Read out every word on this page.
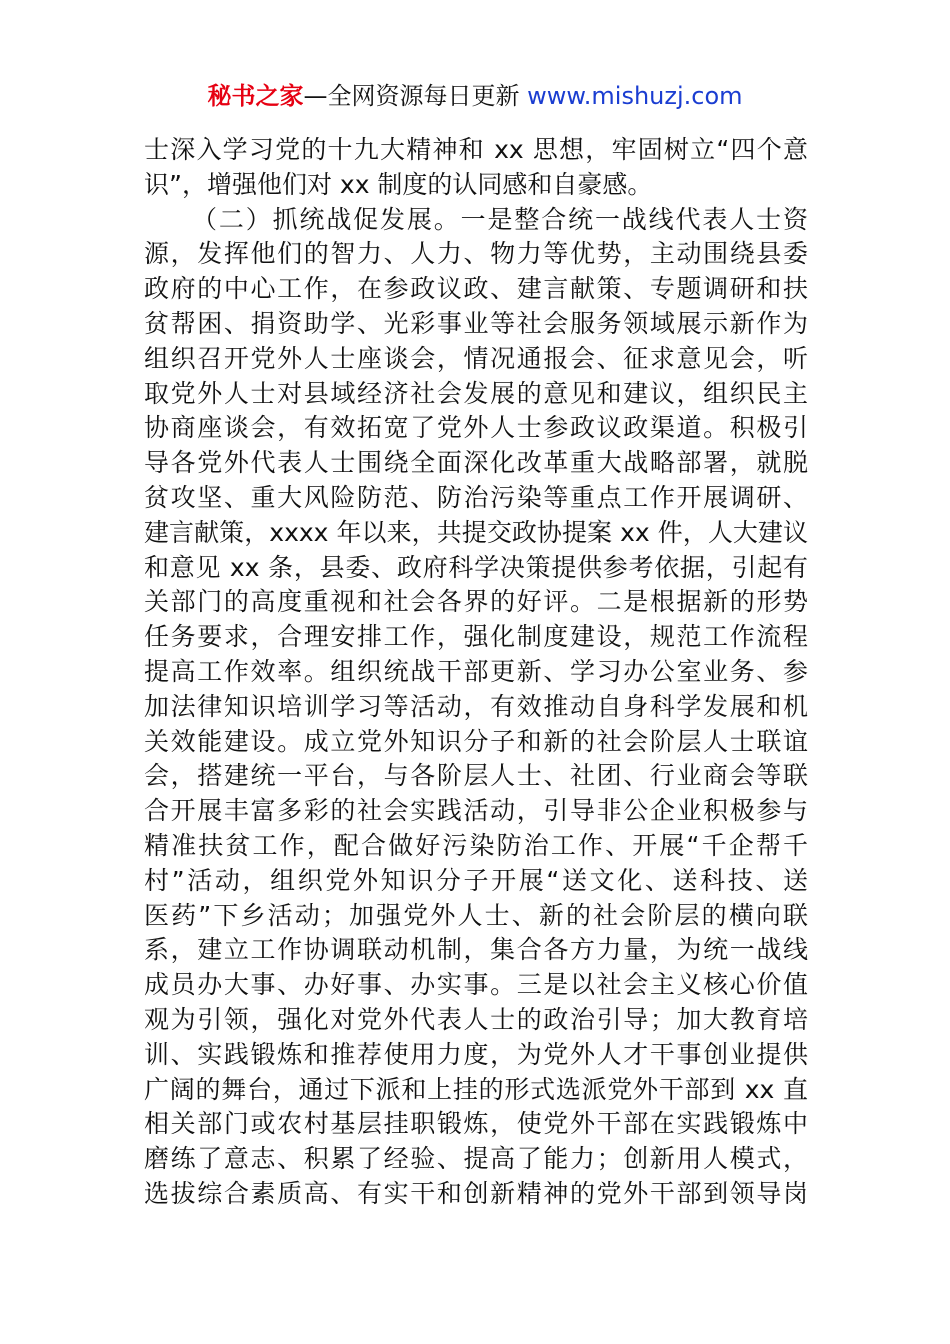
秘书之家—全网资源每日更新 www.mishuzj.com
士深入学习党的十九大精神和 xx 思想，牢固树立“四个意
识”，增强他们对 xx 制度的认同感和自豪感。
（二）抓统战促发展。一是整合统一战线代表人士资
源，发挥他们的智力、人力、物力等优势，主动围绕县委
政府的中心工作，在参政议政、建言献策、专题调研和扶
贫帮困、捐资助学、光彩事业等社会服务领域展示新作为
组织召开党外人士座谈会，情况通报会、征求意见会，听
取党外人士对县域经济社会发展的意见和建议，组织民主
协商座谈会，有效拓宽了党外人士参政议政渠道。积极引
导各党外代表人士围绕全面深化改革重大战略部署，就脱
贫攻坚、重大风险防范、防治污染等重点工作开展调研、
建言献策，xxxx 年以来，共提交政协提案 xx 件，人大建议
和意见 xx 条，县委、政府科学决策提供参考依据，引起有
关部门的高度重视和社会各界的好评。二是根据新的形势
任务要求，合理安排工作，强化制度建设，规范工作流程
提高工作效率。组织统战干部更新、学习办公室业务、参
加法律知识培训学习等活动，有效推动自身科学发展和机
关效能建设。成立党外知识分子和新的社会阶层人士联谊
会，搭建统一平台，与各阶层人士、社团、行业商会等联
合开展丰富多彩的社会实践活动，引导非公企业积极参与
精准扶贫工作，配合做好污染防治工作、开展“千企帮千
村”活动，组织党外知识分子开展“送文化、送科技、送
医药”下乡活动；加强党外人士、新的社会阶层的横向联
系，建立工作协调联动机制，集合各方力量，为统一战线
成员办大事、办好事、办实事。三是以社会主义核心价值
观为引领，强化对党外代表人士的政治引导；加大教育培
训、实践锻炼和推荐使用力度，为党外人才干事创业提供
广阔的舞台，通过下派和上挂的形式选派党外干部到 xx 直
相关部门或农村基层挂职锻炼，使党外干部在实践锻炼中
磨练了意志、积累了经验、提高了能力；创新用人模式，
选拔综合素质高、有实干和创新精神的党外干部到领导岗
